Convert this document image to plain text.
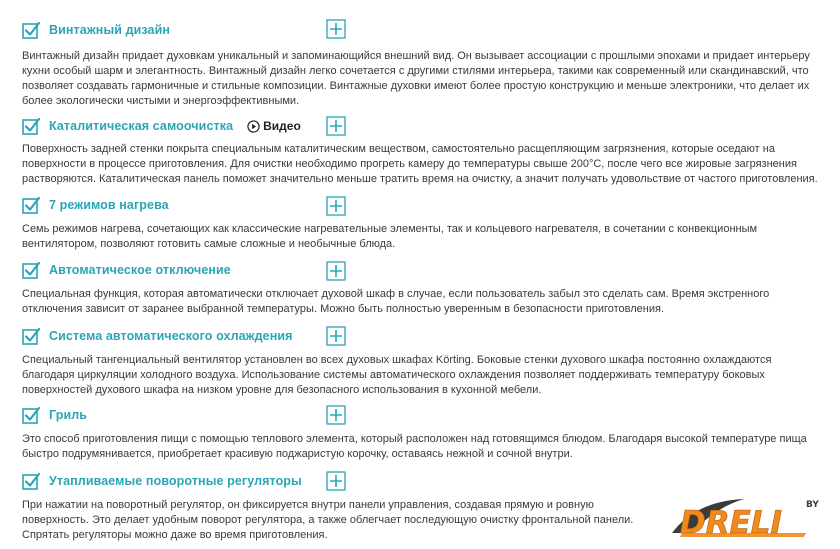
Винтажный дизайн

Винтажный дизайн придает духовкам уникальный и запоминающийся внешний вид. Он вызывает ассоциации с прошлыми эпохами и придает интерьеру кухни особый шарм и элегантность. Винтажный дизайн легко сочетается с другими стилями интерьера, такими как современный или скандинавский, что позволяет создавать гармоничные и стильные композиции. Винтажные духовки имеют более простую конструкцию и меньше электроники, что делает их более экологически чистыми и энергоэффективными.

Каталитическая самоочистка	Видео

Поверхность задней стенки покрыта специальным каталитическим веществом, самостоятельно расщепляющим загрязнения, которые оседают на поверхности в процессе приготовления. Для очистки необходимо прогреть камеру до температуры свыше 200°C, после чего все жировые загрязнения растворяются. Каталитическая панель поможет значительно меньше тратить время на очистку, а значит получать удовольствие от частого приготовления.

7 режимов нагрева

Семь режимов нагрева, сочетающих как классические нагревательные элементы, так и кольцевого нагревателя, в сочетании с конвекционным вентилятором, позволяют готовить самые сложные и необычные блюда.

Автоматическое отключение

Специальная функция, которая автоматически отключает духовой шкаф в случае, если пользователь забыл это сделать сам. Время экстренного отключения зависит от заранее выбранной температуры. Можно быть полностью уверенным в безопасности приготовления.

Система автоматического охлаждения

Специальный тангенциальный вентилятор установлен во всех духовых шкафах Körting. Боковые стенки духового шкафа постоянно охлаждаются благодаря циркуляции холодного воздуха. Использование системы автоматического охлаждения позволяет поддерживать температуру боковых поверхностей духового шкафа на низком уровне для безопасного использования в кухонной мебели.

Гриль

Это способ приготовления пищи с помощью теплового элемента, который расположен над готовящимся блюдом. Благодаря высокой температуре пища быстро подрумянивается, приобретает красивую поджаристую корочку, оставаясь нежной и сочной внутри.

Утапливаемые поворотные регуляторы

При нажатии на поворотный регулятор, он фиксируется внутри панели управления, создавая прямую и ровную поверхность. Это делает удобным поворот регулятора, а также облегчает последующую очистку фронтальной панели. Спрятать регуляторы можно даже во время приготовления.	DRELI	BY
